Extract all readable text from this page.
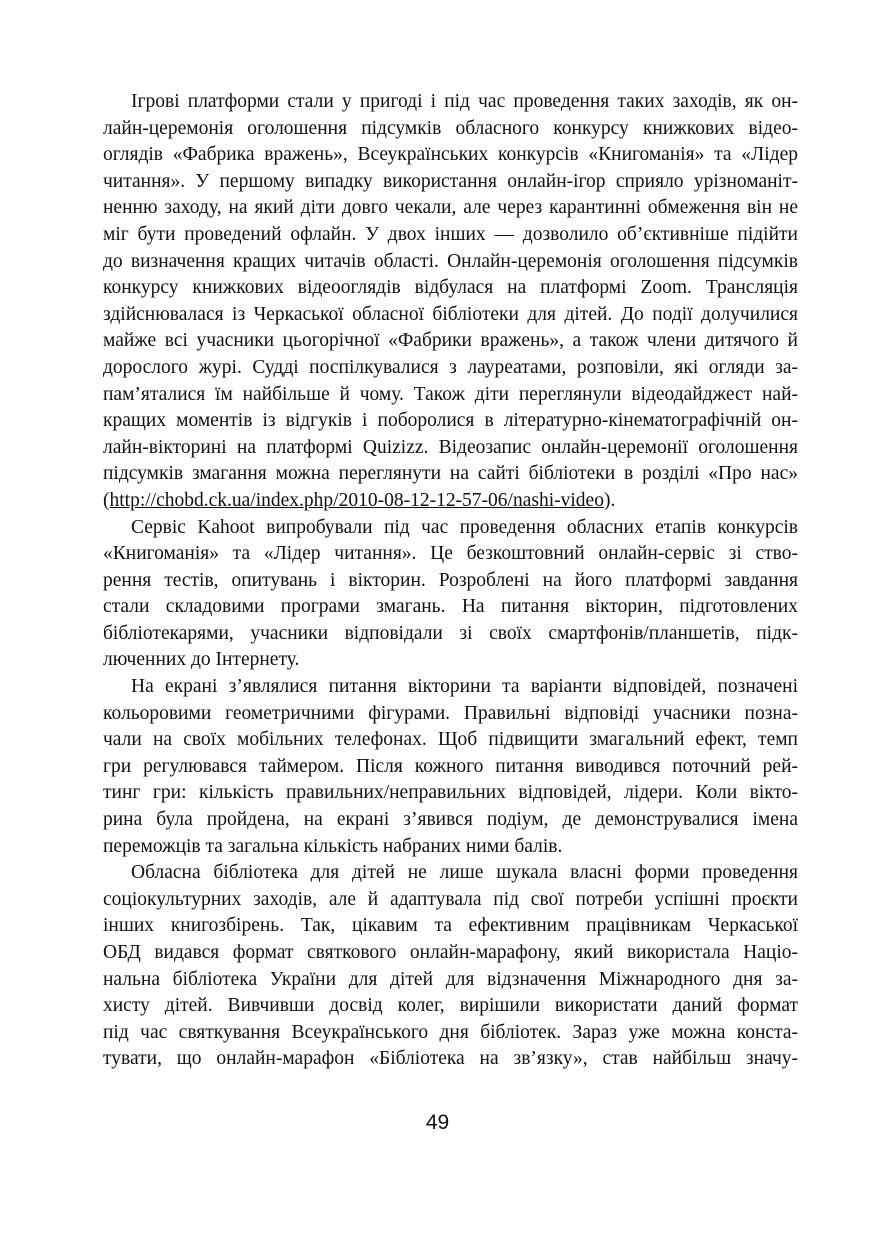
Ігрові платформи стали у пригоді і під час проведення таких заходів, як он-
лайн-церемонія оголошення підсумків обласного конкурсу книжкових відео-
оглядів «Фабрика вражень», Всеукраїнських конкурсів «Книгоманія» та «Лідер
читання». У першому випадку використання онлайн-ігор сприяло урізноманіт-
ненню заходу, на який діти довго чекали, але через карантинні обмеження він не
міг бути проведений офлайн. У двох інших — дозволило об’єктивніше підійти
до визначення кращих читачів області. Онлайн-церемонія оголошення підсумків
конкурсу книжкових відеооглядів відбулася на платформі Zoom. Трансляція
здійснювалася із Черкаської обласної бібліотеки для дітей. До події долучилися
майже всі учасники цьогорічної «Фабрики вражень», а також члени дитячого й
дорослого журі. Судді поспілкувалися з лауреатами, розповіли, які огляди за-
пам’яталися їм найбільше й чому. Також діти переглянули відеодайджест най-
кращих моментів із відгуків і поборолися в літературно-кінематографічній он-
лайн-вікторині на платформі Quizizz. Відеозапис онлайн-церемонії оголошення
підсумків змагання можна переглянути на сайті бібліотеки в розділі «Про нас»
(http://chobd.ck.ua/index.php/2010-08-12-12-57-06/nashi-video).
Сервіс Kahoot випробували під час проведення обласних етапів конкурсів
«Книгоманія» та «Лідер читання». Це безкоштовний онлайн-сервіс зі ство-
рення тестів, опитувань і вікторин. Розроблені на його платформі завдання
стали складовими програми змагань. На питання вікторин, підготовлених
бібліотекарями, учасники відповідали зі своїх смартфонів/планшетів, підк-
люченних до Інтернету.
На екрані з’являлися питання вікторини та варіанти відповідей, позначені
кольоровими геометричними фігурами. Правильні відповіді учасники позна-
чали на своїх мобільних телефонах. Щоб підвищити змагальний ефект, темп
гри регулювався таймером. Після кожного питання виводився поточний рей-
тинг гри: кількість правильних/неправильних відповідей, лідери. Коли вікто-
рина була пройдена, на екрані з’явився подіум, де демонструвалися імена
переможців та загальна кількість набраних ними балів.
Обласна бібліотека для дітей не лише шукала власні форми проведення
соціокультурних заходів, але й адаптувала під свої потреби успішні проєкти
інших книгозбірень. Так, цікавим та ефективним працівникам Черкаської
ОБД видався формат святкового онлайн-марафону, який використала Націо-
нальна бібліотека України для дітей для відзначення Міжнародного дня за-
хисту дітей. Вивчивши досвід колег, вирішили використати даний формат
під час святкування Всеукраїнського дня бібліотек. Зараз уже можна конста-
тувати, що онлайн-марафон «Бібліотека на зв’язку», став найбільш значу-
49
